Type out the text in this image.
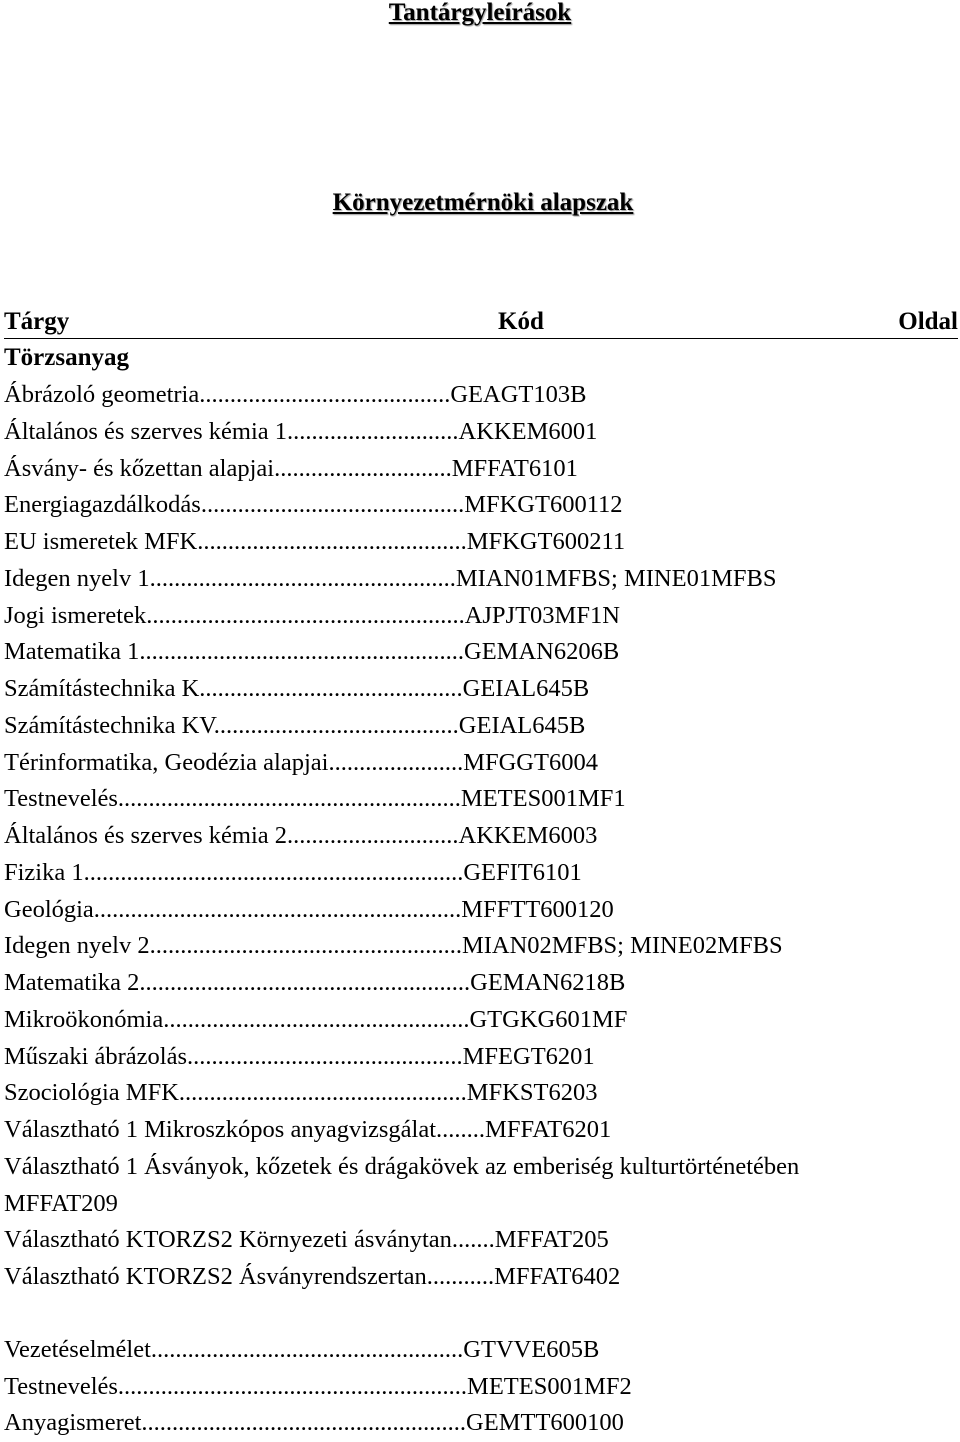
Tantárgyleírások
Környezetmérnöki alapszak
Tárgy	Kód	Oldal
Törzsanyag
Ábrázoló geometria.........................................GEAGT103B
Általános és szerves kémia 1............................AKKEM6001
Ásvány- és kőzettan alapjai.............................MFFAT6101
Energiagazdálkodás...........................................MFKGT600112
EU ismeretek MFK............................................MFKGT600211
Idegen nyelv 1..................................................MIAN01MFBS; MINE01MFBS
Jogi ismeretek....................................................AJPJT03MF1N
Matematika 1.....................................................GEMAN6206B
Számítástechnika K...........................................GEIAL645B
Számítástechnika KV........................................GEIAL645B
Térinformatika, Geodézia alapjai......................MFGGT6004
Testnevelés........................................................METES001MF1
Általános és szerves kémia 2............................AKKEM6003
Fizika 1..............................................................GEFIT6101
Geológia............................................................MFFTT600120
Idegen nyelv 2...................................................MIAN02MFBS; MINE02MFBS
Matematika 2......................................................GEMAN6218B
Mikroökonómia..................................................GTGKG601MF
Műszaki ábrázolás.............................................MFEGT6201
Szociológia MFK...............................................MFKST6203
Választható 1 Mikroszkópos anyagvizsgálat........MFFAT6201
Választható 1 Ásványok, kőzetek és drágakövek az emberiség kulturtörténetében
MFFAT209
Választható KTORZS2 Környezeti ásványtan.......MFFAT205
Választható KTORZS2 Ásványrendszertan...........MFFAT6402
Vezetéselmélet...................................................GTVVE605B
Testnevelés.........................................................METES001MF2
Anyagismeret.....................................................GEMTT600100
